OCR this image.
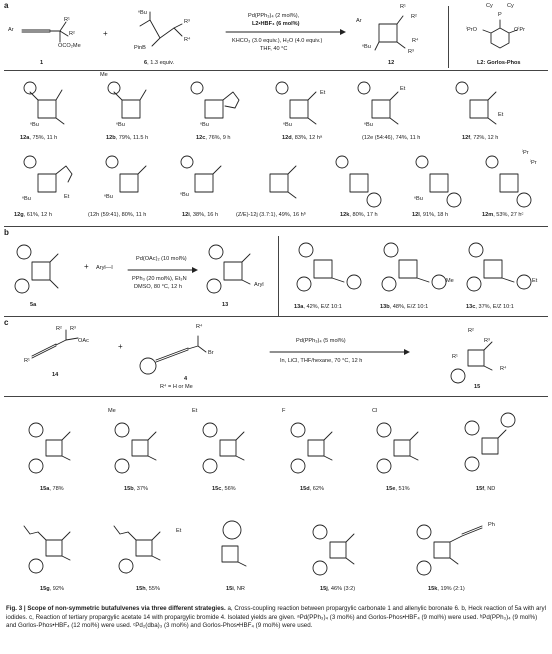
a
Ar
R¹
R²
OCO₂Me
1
+
ⁿBu
R³
R⁴
PinB
6, 1.3 equiv.
Pd(PPh₃)₄ (2 mol%),
L2•HBF₄ (6 mol%)
KHCO₃ (3.0 equiv.), H₂O (4.0 equiv.)
THF, 40 °C
Ar
R¹
R²
R³
R⁴
ⁿBu
12
Cy	Cy
P
ⁱPrO	OⁱPr
L2: Gorlos-Phos
Me
Et
Et
Et
ⁿBu	ⁿBu	ⁿBu	ⁿBu	ⁿBu
12a, 75%, 11 h	12b, 79%, 11.5 h	12c, 76%, 9 h	12d, 83%, 12 hᵃ	(12e (54:46), 74%, 11 h	12f, 72%, 12 h
Et
ⁿBu	ⁿBu	ⁿBu
ⁿBu
ⁱPr
ⁱPr
12g, 61%, 12 h	(12h (59:41), 80%, 11 h	12i, 38%, 16 h	(Z/E)-12j (3.7:1), 49%, 16 hᵇ	12k, 80%, 17 h	12l, 91%, 18 h	12m, 53%, 27 hᶜ
b
5a
+ Aryl—I
Pd(OAc)₂ (10 mol%)
PPh₃ (20 mol%), Et₃N
DMSO, 80 °C, 12 h	Aryl
13
Me	Et
13a, 42%, E/Z 10:1	13b, 48%, E/Z 10:1	13c, 37%, E/Z 10:1
c
R² R³
OAc
R¹
14
+
R⁴
Br
4
R⁴ = H or Me
Pd(PPh₃)₄ (5 mol%)
In, LiCl, THF/hexane, 70 °C, 12 h
R²
R³
R¹
R⁴
15
Me	Et	F	Cl
15a, 78%	15b, 37%	15c, 56%	15d, 62%	15e, 51%	15f, ND
Et
Ph
15g, 92%	15h, 55%	15i, NR	15j, 46% (3:2)	15k, 19% (2:1)
Fig. 3 | Scope of non-symmetric butafulvenes via three different strategies. a, Cross-coupling reaction between propargylic carbonate 1 and allenylic boronate 6. b, Heck reaction of 5a with aryl iodides. c, Reaction of tertiary propargylic acetate 14 with propargylic bromide 4. Isolated yields are given. ᵃPd(PPh₃)₄ (3 mol%) and Gorlos-Phos•HBF₄ (9 mol%) were used. ᵇPd(PPh₃)₄ (9 mol%) and Gorlos-Phos•HBF₄ (12 mol%) were used. ᶜPd₂(dba)₃ (3 mol%) and Gorlos-Phos•HBF₄ (9 mol%) were used.
